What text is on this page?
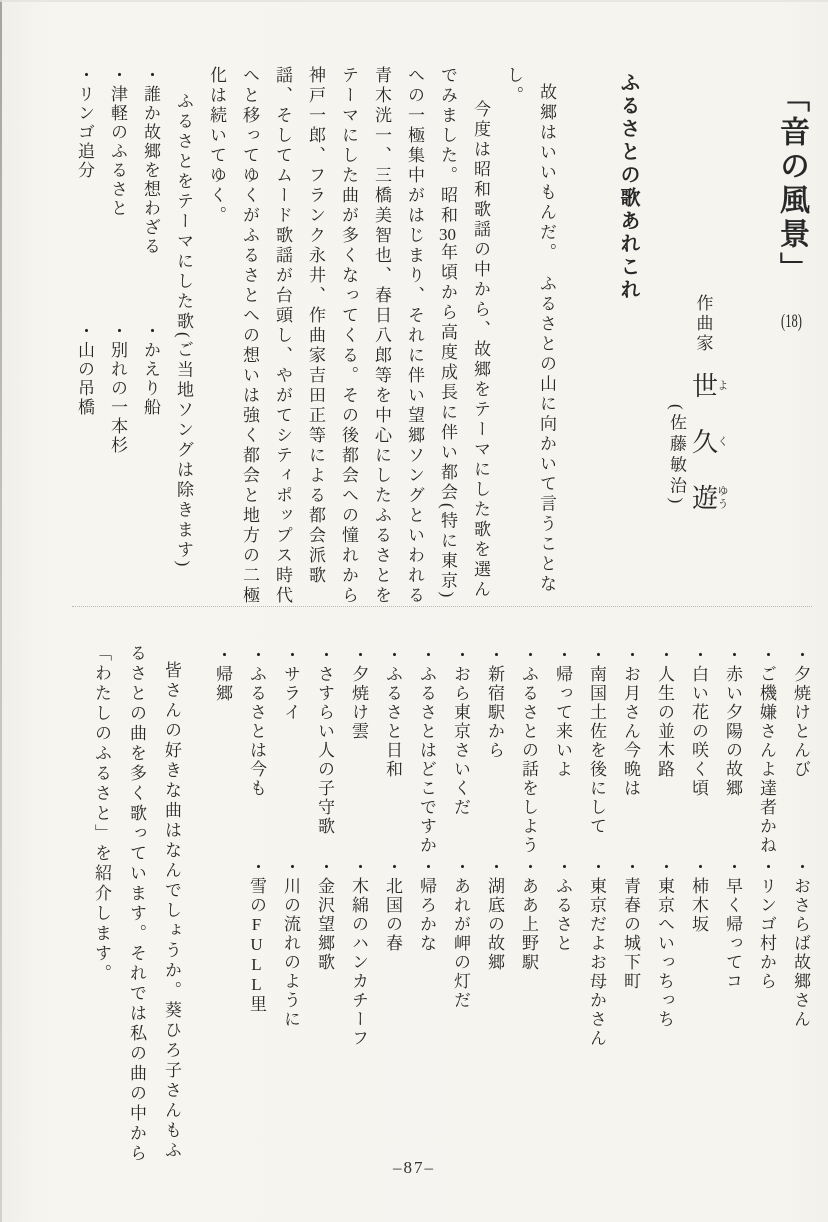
「音の風景」 (18)
ふるさとの歌あれこれ
作曲家 世よ久く遊ゆう
(佐藤敏治)

故郷はいいもんだ。　ふるさとの山に向かいて言うことなし。

今度は昭和歌謡の中から、故郷をテーマにした歌を選んでみました。昭和30年頃から高度成長に伴い都会(特に東京)への一極集中がはじまり、それに伴い望郷ソングといわれる青木洸一、三橋美智也、春日八郎等を中心にしたふるさとをテーマにした曲が多くなってくる。その後都会への憧れから神戸一郎、フランク永井、作曲家吉田正等による都会派歌謡、そしてムード歌謡が台頭し、やがてシティポップス時代へと移ってゆくがふるさとへの想いは強く都会と地方の二極化は続いてゆく。

ふるさとをテーマにした歌(ご当地ソングは除きます)

・誰か故郷を想わざる
・津軽のふるさと
・リンゴ追分
・かえり船
・別れの一本杉
・山の吊橋
・夕焼けとんび
・ご機嫌さんよ達者かね
・赤い夕陽の故郷
・白い花の咲く頃
・人生の並木路
・お月さん今晩は
・南国土佐を後にして
・帰って来いよ
・ふるさとの話をしよう
・新宿駅から
・おら東京さいくだ
・ふるさとはどこですか
・ふるさと日和
・夕焼け雲
・さすらい人の子守歌
・サライ
・ふるさとは今も
・帰郷
・おさらば故郷さん
・リンゴ村から
・早く帰ってコ
・柿木坂
・東京へいっちっち
・青春の城下町
・東京だよお母かさん
・ふるさと
・ああ上野駅
・湖底の故郷
・あれが岬の灯だ
・帰ろかな
・北国の春
・木綿のハンカチーフ
・金沢望郷歌
・川の流れのように
・雪のFULL里
皆さんの好きな曲はなんでしょうか。葵ひろ子さんもふるさとの曲を多く歌っています。それでは私の曲の中から「わたしのふるさと」を紹介します。
–87–
